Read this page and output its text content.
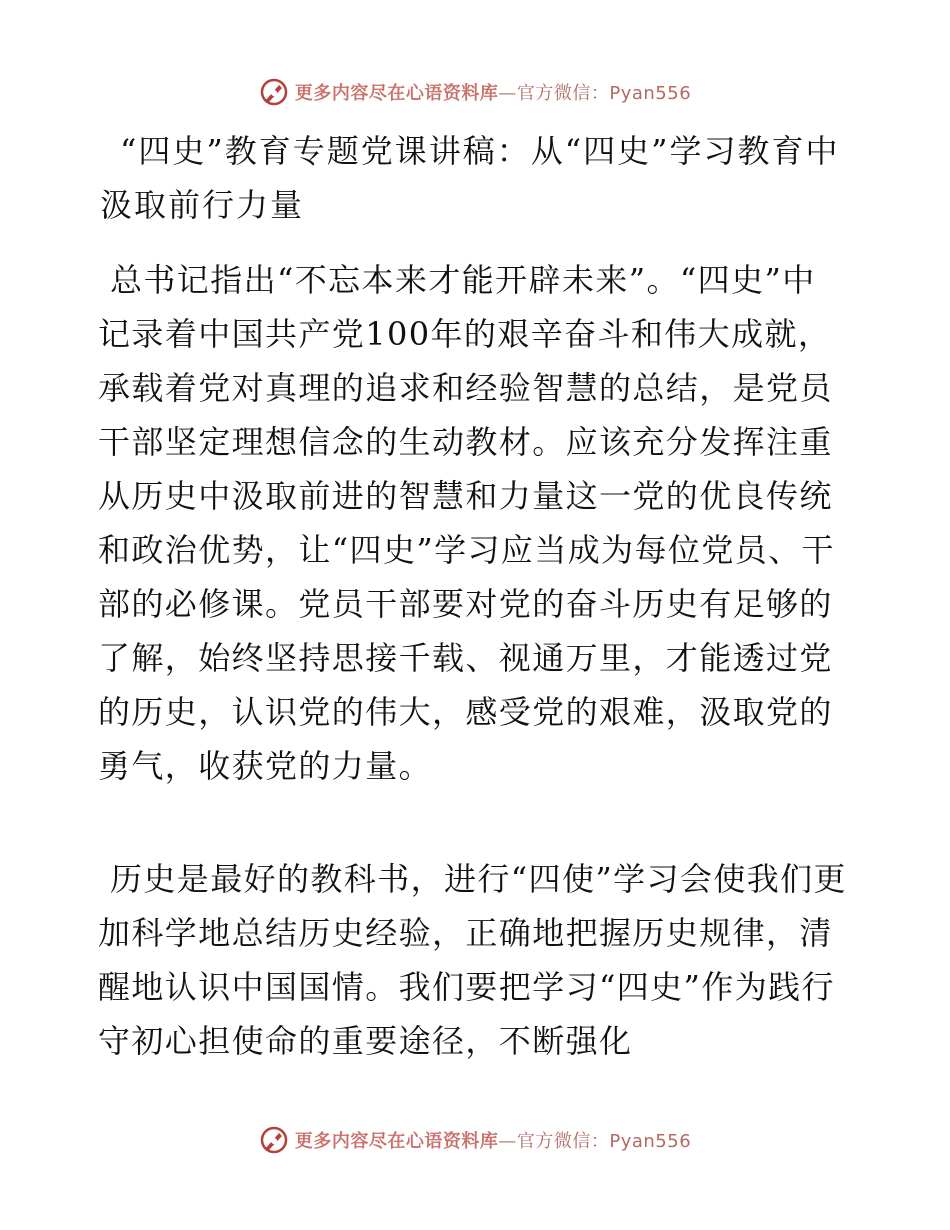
更多内容尽在心语资料库—官方微信：Pyan556
“四史”教育专题党课讲稿：从“四史”学习教育中汲取前行力量

总书记指出“不忘本来才能开辟未来”。“四史”中记录着中国共产党100年的艰辛奋斗和伟大成就，承载着党对真理的追求和经验智慧的总结，是党员干部坚定理想信念的生动教材。应该充分发挥注重从历史中汲取前进的智慧和力量这一党的优良传统和政治优势，让“四史”学习应当成为每位党员、干部的必修课。党员干部要对党的奋斗历史有足够的了解，始终坚持思接千载、视通万里，才能透过党的历史，认识党的伟大，感受党的艰难，汲取党的勇气，收获党的力量。

历史是最好的教科书，进行“四使”学习会使我们更加科学地总结历史经验，正确地把握历史规律，清醒地认识中国国情。我们要把学习“四史”作为践行守初心担使命的重要途径，不断强化

更多内容尽在心语资料库—官方微信：Pyan556
